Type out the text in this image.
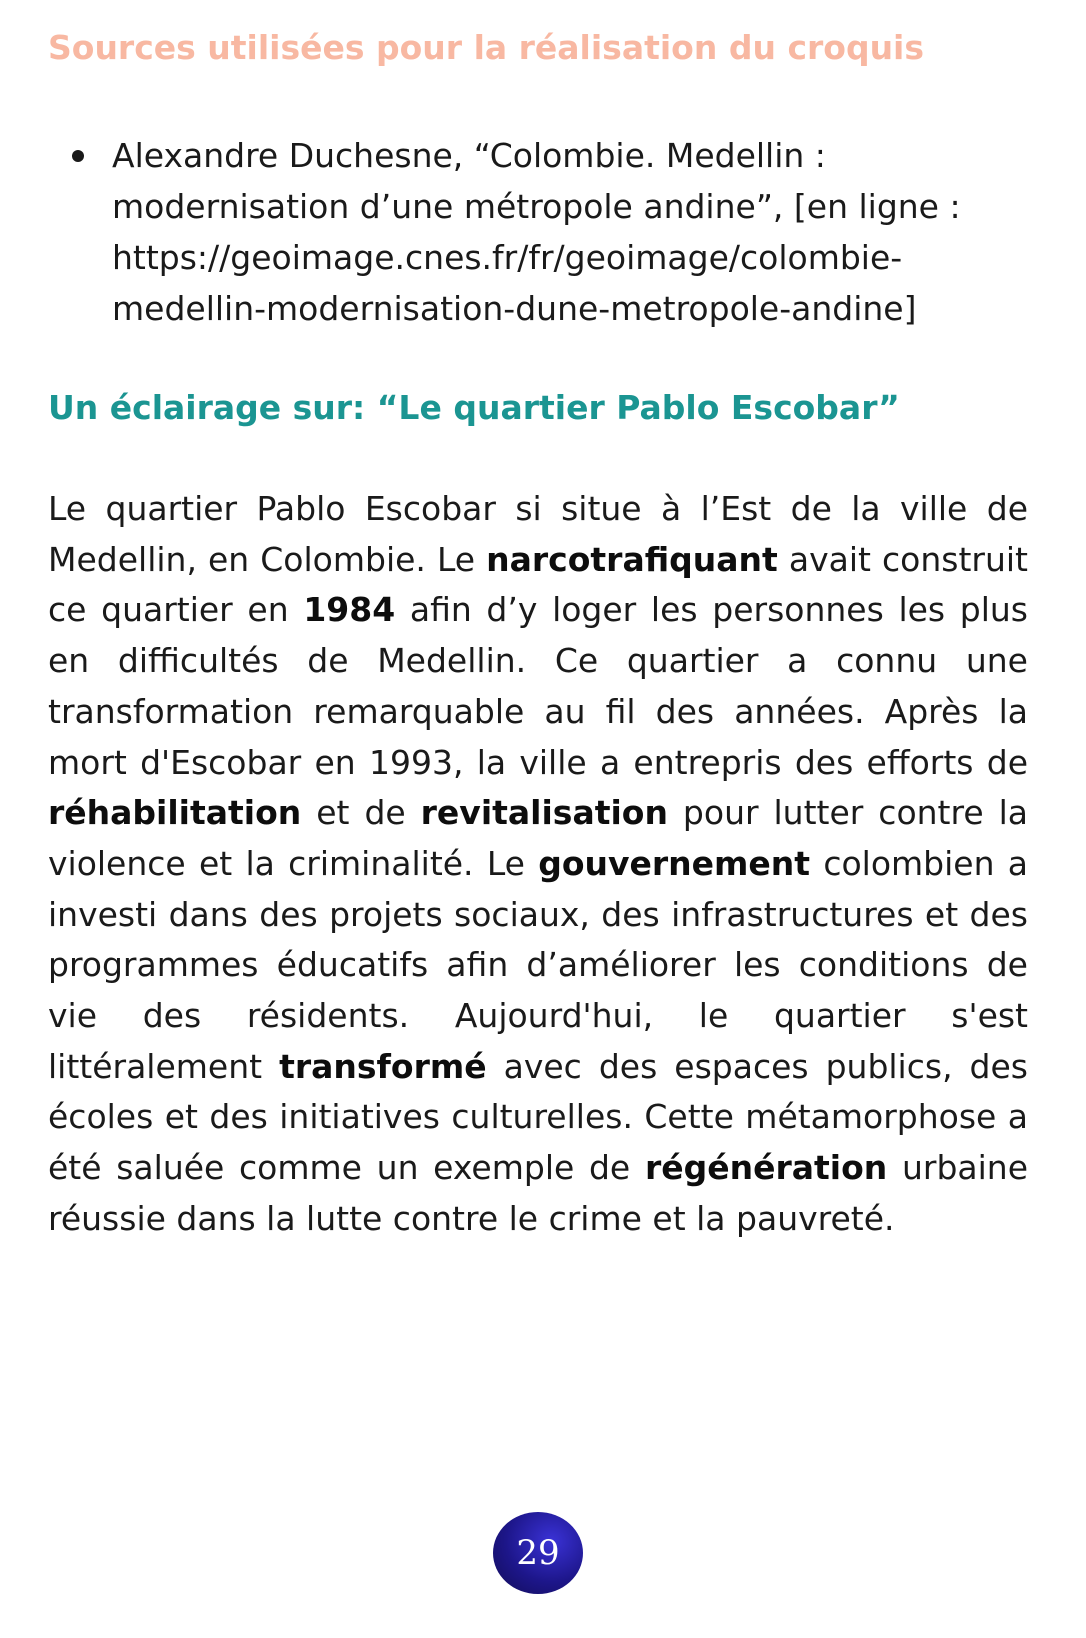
Sources utilisées pour la réalisation du croquis
Alexandre Duchesne, “Colombie. Medellin :
modernisation d’une métropole andine”, [en ligne :
https://geoimage.cnes.fr/fr/geoimage/colombie-
medellin-modernisation-dune-metropole-andine]
Un éclairage sur: “Le quartier Pablo Escobar”

Le quartier Pablo Escobar si situe à l’Est de la ville de Medellin, en Colombie. Le narcotrafiquant avait construit ce quartier en 1984 afin d’y loger les personnes les plus en difficultés de Medellin. Ce quartier a connu une transformation remarquable au fil des années. Après la mort d'Escobar en 1993, la ville a entrepris des efforts de réhabilitation et de revitalisation pour lutter contre la violence et la criminalité. Le gouvernement colombien a investi dans des projets sociaux, des infrastructures et des programmes éducatifs afin d’améliorer les conditions de vie des résidents. Aujourd'hui, le quartier s'est littéralement transformé avec des espaces publics, des écoles et des initiatives culturelles. Cette métamorphose a été saluée comme un exemple de régénération urbaine réussie dans la lutte contre le crime et la pauvreté.

29
